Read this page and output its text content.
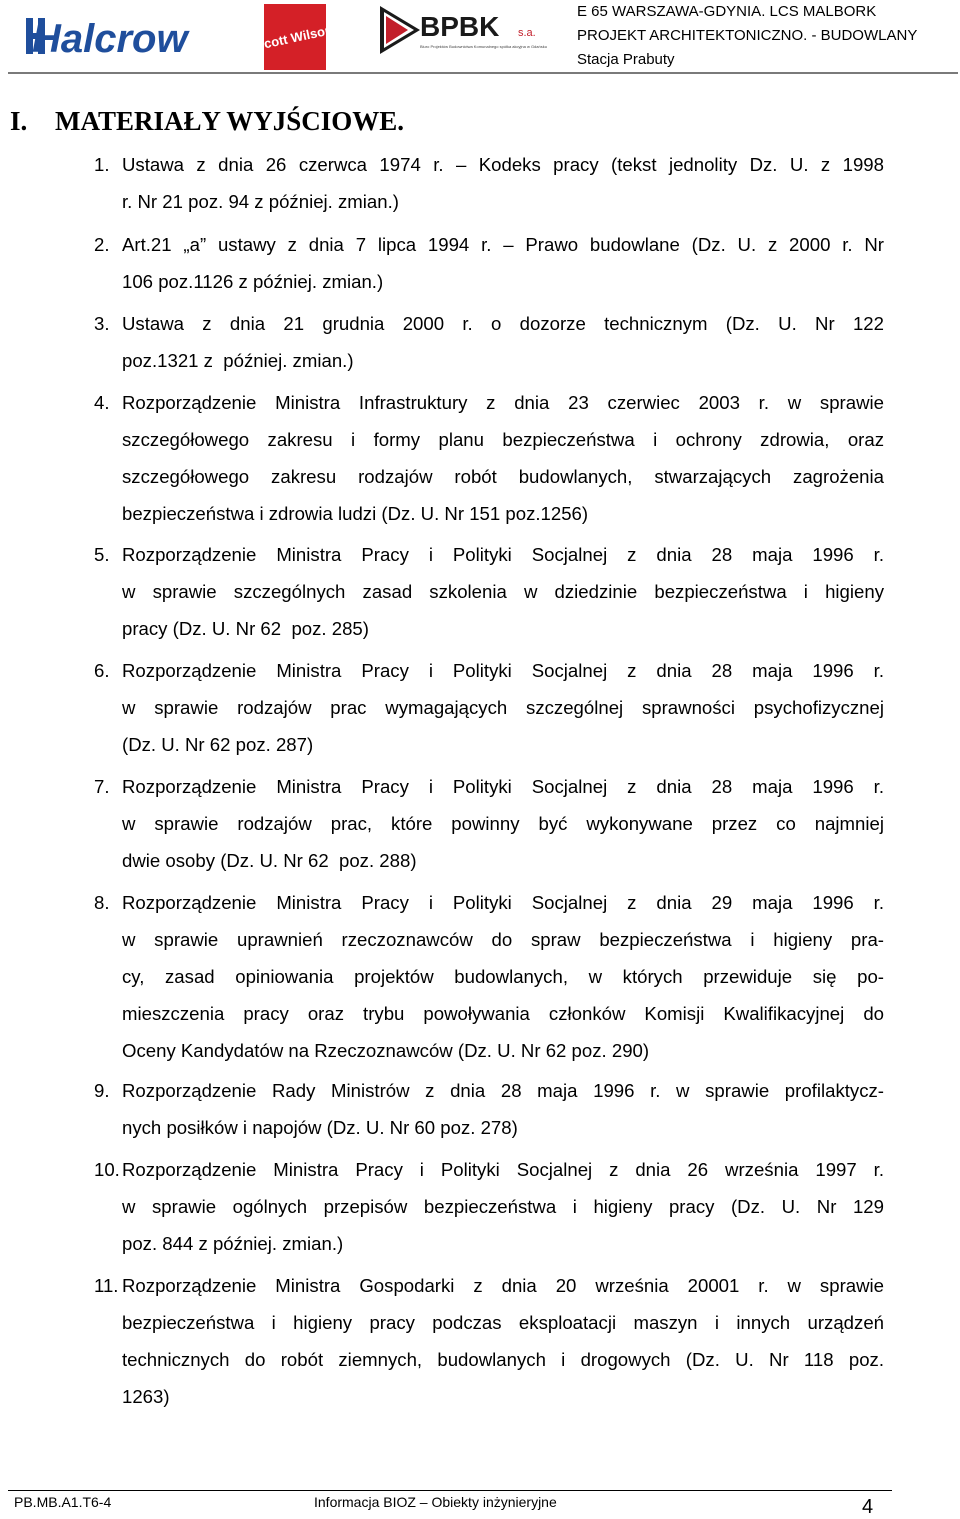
Halcrow	Scott Wilson	BPBK s.a.
Biuro Projektów Budownictwa Komunalnego spółka akcyjna w Gdańsku
E 65 WARSZAWA-GDYNIA. LCS MALBORK
PROJEKT ARCHITEKTONICZNO. - BUDOWLANY
Stacja Prabuty
I. MATERIAŁY WYJŚCIOWE.
1. Ustawa z dnia 26 czerwca 1974 r. – Kodeks pracy (tekst jednolity Dz. U. z 1998
r. Nr 21 poz. 94 z później. zmian.)
2. Art.21 „a” ustawy z dnia 7 lipca 1994 r. – Prawo budowlane (Dz. U. z 2000 r. Nr
106 poz.1126 z później. zmian.)
3. Ustawa z dnia 21 grudnia 2000 r. o dozorze technicznym (Dz. U. Nr 122
poz.1321 z  później. zmian.)
4. Rozporządzenie Ministra Infrastruktury z dnia 23 czerwiec 2003 r. w sprawie
szczegółowego zakresu i formy planu bezpieczeństwa i ochrony zdrowia, oraz
szczegółowego zakresu rodzajów robót budowlanych, stwarzających zagrożenia
bezpieczeństwa i zdrowia ludzi (Dz. U. Nr 151 poz.1256)
5. Rozporządzenie Ministra Pracy i Polityki Socjalnej z dnia 28 maja 1996 r.
w sprawie szczególnych zasad szkolenia w dziedzinie bezpieczeństwa i higieny
pracy (Dz. U. Nr 62  poz. 285)
6. Rozporządzenie Ministra Pracy i Polityki Socjalnej z dnia 28 maja 1996 r.
w sprawie rodzajów prac wymagających szczególnej sprawności psychofizycznej
(Dz. U. Nr 62 poz. 287)
7. Rozporządzenie Ministra Pracy i Polityki Socjalnej z dnia 28 maja 1996 r.
w sprawie rodzajów prac, które powinny być wykonywane przez co najmniej
dwie osoby (Dz. U. Nr 62  poz. 288)
8. Rozporządzenie Ministra Pracy i Polityki Socjalnej z dnia 29 maja 1996 r.
w sprawie uprawnień rzeczoznawców do spraw bezpieczeństwa i higieny pra-
cy, zasad opiniowania projektów budowlanych, w których przewiduje się po-
mieszczenia pracy oraz trybu powoływania członków Komisji Kwalifikacyjnej do
Oceny Kandydatów na Rzeczoznawców (Dz. U. Nr 62 poz. 290)
9. Rozporządzenie Rady Ministrów z dnia 28 maja 1996 r. w sprawie profilaktycz-
nych posiłków i napojów (Dz. U. Nr 60 poz. 278)
10. Rozporządzenie Ministra Pracy i Polityki Socjalnej z dnia 26 września 1997 r.
w sprawie ogólnych przepisów bezpieczeństwa i higieny pracy (Dz. U. Nr 129
poz. 844 z później. zmian.)
11. Rozporządzenie Ministra Gospodarki z dnia 20 września 20001 r. w sprawie
bezpieczeństwa i higieny pracy podczas eksploatacji maszyn i innych urządzeń
technicznych do robót ziemnych, budowlanych i drogowych (Dz. U. Nr 118 poz.
1263)
PB.MB.A1.T6-4	Informacja BIOZ – Obiekty inżynieryjne	4
